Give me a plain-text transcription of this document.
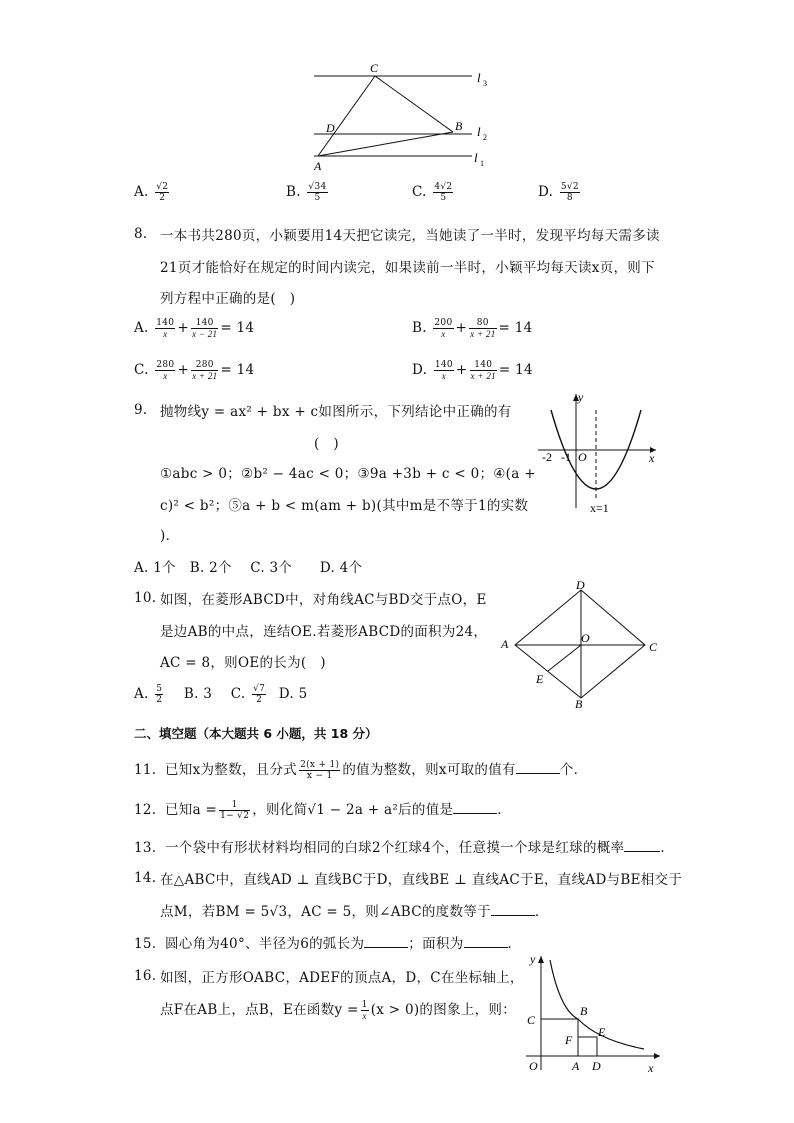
C
D	B
A
l 3
l 2
l 1
A. $\frac{√2}{2}$	B. $\frac{√34}{5}$	C. $\frac{4√2}{5}$	D. $\frac{5√2}{8}$
8. 一本书共280页，小颖要用14天把它读完，当她读了一半时，发现平均每天需多读
21页才能恰好在规定的时间内读完，如果读前一半时，小颖平均每天读x页，则下
列方程中正确的是(　)
A. $\frac{140}{x} + \frac{140}{x - 21} = 14$	B. $\frac{200}{x} + \frac{80}{x + 21} = 14$
C. $\frac{280}{x} + \frac{280}{x + 21} = 14$	D. $\frac{140}{x} + \frac{140}{x + 21} = 14$
9. 抛物线y = ax² + bx + c如图所示，下列结论中正确的有
(　)
①abc > 0；②b² − 4ac < 0；③9a +3b + c < 0；④(a +
c)² < b²；⑤a + b < m(am + b)(其中m是不等于1的实数
)．
A. 1个　B. 2个　 C. 3个　　D. 4个
y
x
-2 -1 O
x=1
10. 如图，在菱形ABCD中，对角线AC与BD交于点O，E
是边AB的中点，连结OE.若菱形ABCD的面积为24，
AC = 8，则OE的长为(　)
A. $\frac{5}{2} B$. 3 C. $\frac{√7}{2} D$. 5
D
C
A
B
O
E
二、填空题（本大题共 6 小题，共 18 分）
11. 已知x为整数，且分式 $\frac{2(x + 1)}{x - 1}$ 的值为整数，则x可取的值有	个．
12. 已知$a = \frac{1}{1- √2}$ ，则化简√1 − 2a + a²后的值是	．
13. 一个袋中有形状材料均相同的白球2个红球4个，任意摸一个球是红球的概率	．
14. 在△ABC中，直线AD ⊥ 直线BC于D，直线BE ⊥ 直线AC于E，直线AD与BE相交于
点M，若BM = 5√3，AC = 5，则∠ABC的度数等于	．
15. 圆心角为40°、半径为6的弧长为	；面积为	．
16. 如图，正方形OABC，ADEF的顶点A，D，C在坐标轴上，
点F在AB上，点B，E在函数$y = \frac{1}{x} (x > 0)$的图象上，则：
y
x
O	A D
C
B
E
F
